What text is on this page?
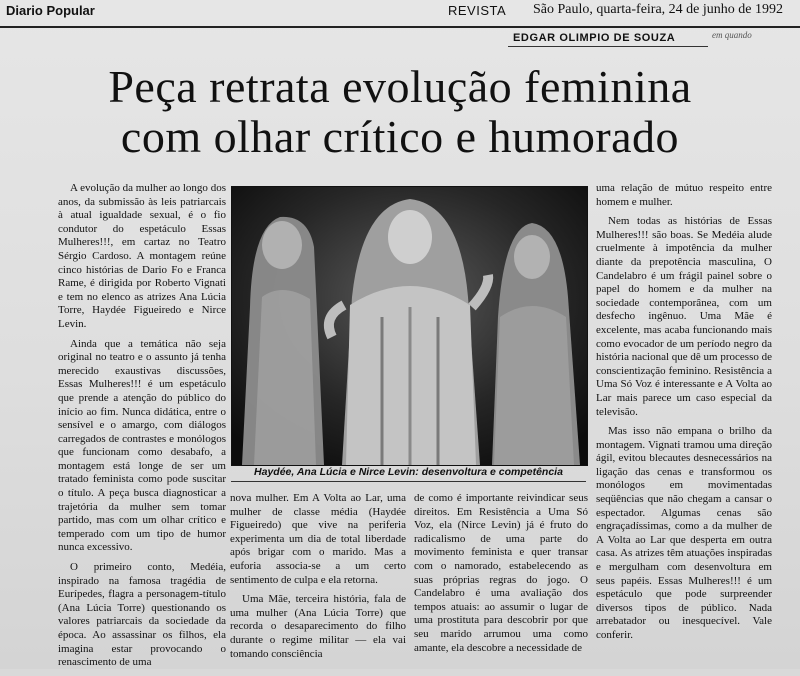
Diario Popular	REVISTA São Paulo, quarta-feira, 24 de junho de 1992
EDGAR OLIMPIO DE SOUZA	em quando
Peça retrata evolução feminina
com olhar crítico e humorado

A evolução da mulher ao longo dos anos, da submissão às leis patriarcais à atual igualdade sexual, é o fio condutor do espetáculo Essas Mulheres!!!, em cartaz no Teatro Sérgio Cardoso. A montagem reúne cinco histórias de Dario Fo e Franca Rame, é dirigida por Roberto Vignati e tem no elenco as atrizes Ana Lúcia Torre, Haydée Figueiredo e Nirce Levin.

Ainda que a temática não seja original no teatro e o assunto já tenha merecido exaustivas discussões, Essas Mulheres!!! é um espetáculo que prende a atenção do público do início ao fim. Nunca didática, entre o sensível e o amargo, com diálogos carregados de contrastes e monólogos que funcionam como desabafo, a montagem está longe de ser um tratado feminista como pode suscitar o título. A peça busca diagnosticar a trajetória da mulher sem tomar partido, mas com um olhar crítico e temperado com um tipo de humor nunca excessivo.

O primeiro conto, Medéia, inspirado na famosa tragédia de Eurípedes, flagra a personagem-título (Ana Lúcia Torre) questionando os valores patriarcais da sociedade da época. Ao assassinar os filhos, ela imagina estar provocando o renascimento de uma

Haydée, Ana Lúcia e Nirce Levin: desenvoltura e competência

nova mulher. Em A Volta ao Lar, uma mulher de classe média (Haydée Figueiredo) que vive na periferia experimenta um dia de total liberdade após brigar com o marido. Mas a euforia associa-se a um certo sentimento de culpa e ela retorna.

Uma Mãe, terceira história, fala de uma mulher (Ana Lúcia Torre) que recorda o desaparecimento do filho durante o regime militar — ela vai tomando consciência

de como é importante reivindicar seus direitos. Em Resistência a Uma Só Voz, ela (Nirce Levin) já é fruto do radicalismo de uma parte do movimento feminista e quer transar com o namorado, estabelecendo as suas próprias regras do jogo. O Candelabro é uma avaliação dos tempos atuais: ao assumir o lugar de uma prostituta para descobrir por que seu marido arrumou uma como amante, ela descobre a necessidade de

uma relação de mútuo respeito entre homem e mulher.

Nem todas as histórias de Essas Mulheres!!! são boas. Se Medéia alude cruelmente à impotência da mulher diante da prepotência masculina, O Candelabro é um frágil painel sobre o papel do homem e da mulher na sociedade contemporânea, com um desfecho ingênuo. Uma Mãe é excelente, mas acaba funcionando mais como evocador de um período negro da história nacional que dê um processo de conscientização feminino. Resistência a Uma Só Voz é interessante e A Volta ao Lar mais parece um caso especial da televisão.

Mas isso não empana o brilho da montagem. Vignati tramou uma direção ágil, evitou blecautes desnecessários na ligação das cenas e transformou os monólogos em movimentadas seqüências que não chegam a cansar o espectador. Algumas cenas são engraçadíssimas, como a da mulher de A Volta ao Lar que desperta em outra casa. As atrizes têm atuações inspiradas e mergulham com desenvoltura em seus papéis. Essas Mulheres!!! é um espetáculo que pode surpreender diversos tipos de público. Nada arrebatador ou inesquecível. Vale conferir.
